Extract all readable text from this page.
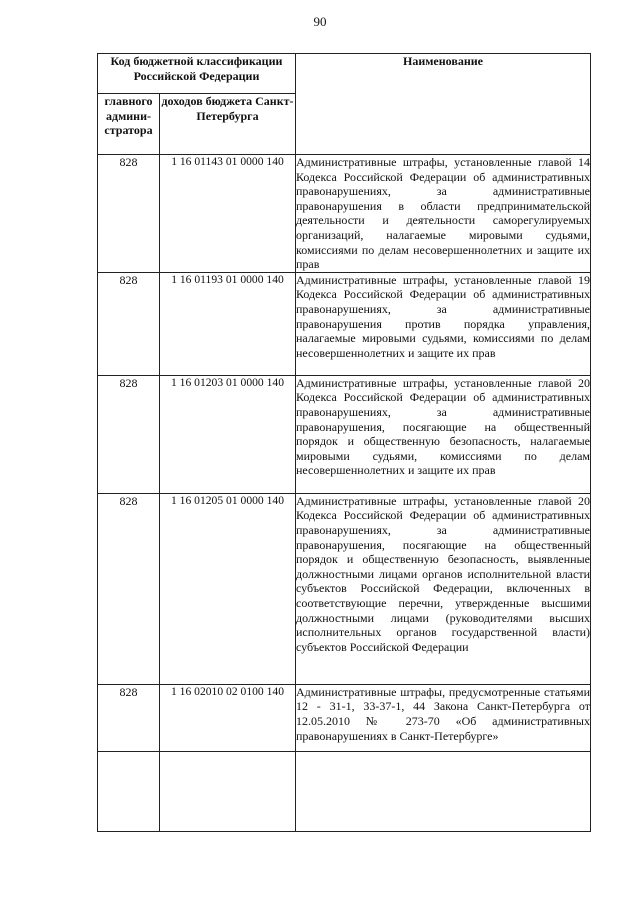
90
Код бюджетной классификации Российской Федерации		Наименование
главного админи-стратора	доходов бюджета Санкт-Петербурга	
828	1 16 01143 01 0000 140	Административные штрафы, установленные главой 14 Кодекса Российской Федерации об административных правонарушениях, за административные правонарушения в области предпринимательской деятельности и деятельности саморегулируемых организаций, налагаемые мировыми судьями, комиссиями по делам несовершеннолетних и защите их прав
828	1 16 01193 01 0000 140	Административные штрафы, установленные главой 19 Кодекса Российской Федерации об административных правонарушениях, за административные правонарушения против порядка управления, налагаемые мировыми судьями, комиссиями по делам несовершеннолетних и защите их прав
828	1 16 01203 01 0000 140	Административные штрафы, установленные главой 20 Кодекса Российской Федерации об административных правонарушениях, за административные правонарушения, посягающие на общественный порядок и общественную безопасность, налагаемые мировыми судьями, комиссиями по делам несовершеннолетних и защите их прав
828	1 16 01205 01 0000 140	Административные штрафы, установленные главой 20 Кодекса Российской Федерации об административных правонарушениях, за административные правонарушения, посягающие на общественный порядок и общественную безопасность, выявленные должностными лицами органов исполнительной власти субъектов Российской Федерации, включенных в соответствующие перечни, утвержденные высшими должностными лицами (руководителями высших исполнительных органов государственной власти) субъектов Российской Федерации
828	1 16 02010 02 0100 140	Административные штрафы, предусмотренные статьями 12 - 31-1, 33-37-1, 44 Закона Санкт-Петербурга от 12.05.2010 № 273-70 «Об административных правонарушениях в Санкт-Петербурге»
